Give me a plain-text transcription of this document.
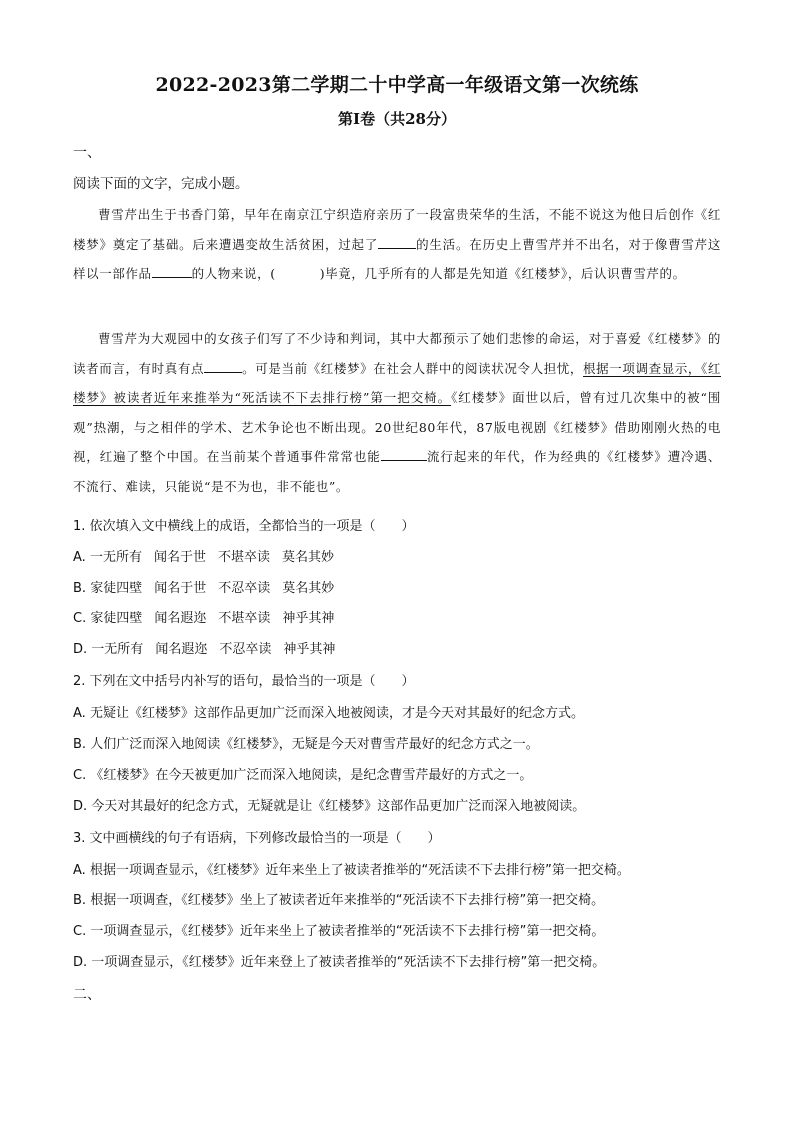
2022-2023第二学期二十中学高一年级语文第一次统练
第Ⅰ卷（共28分）
一、
阅读下面的文字，完成小题。
曹雪芹出生于书香门第，早年在南京江宁织造府亲历了一段富贵荣华的生活，不能不说这为他日后创作《红楼梦》奠定了基础。后来遭遇变故生活贫困，过起了	的生活。在历史上曹雪芹并不出名，对于像曹雪芹这样以一部作品	的人物来说，(	)毕竟，几乎所有的人都是先知道《红楼梦》，后认识曹雪芹的。
曹雪芹为大观园中的女孩子们写了不少诗和判词，其中大都预示了她们悲惨的命运，对于喜爱《红楼梦》的读者而言，有时真有点	。可是当前《红楼梦》在社会人群中的阅读状况令人担忧，根据一项调查显示，《红楼梦》被读者近年来推举为“死活读不下去排行榜”第一把交椅。《红楼梦》面世以后，曾有过几次集中的被“围观”热潮，与之相伴的学术、艺术争论也不断出现。20世纪80年代，87版电视剧《红楼梦》借助刚刚火热的电视，红遍了整个中国。在当前某个普通事件常常也能	流行起来的年代，作为经典的《红楼梦》遭冷遇、不流行、难读，只能说“是不为也，非不能也”。
1. 依次填入文中横线上的成语，全都恰当的一项是（　　）
A. 一无所有 闻名于世 不堪卒读 莫名其妙
B. 家徒四壁 闻名于世 不忍卒读 莫名其妙
C. 家徒四壁 闻名遐迩 不堪卒读 神乎其神
D. 一无所有 闻名遐迩 不忍卒读 神乎其神
2. 下列在文中括号内补写的语句，最恰当的一项是（　　）
A. 无疑让《红楼梦》这部作品更加广泛而深入地被阅读，才是今天对其最好的纪念方式。
B. 人们广泛而深入地阅读《红楼梦》，无疑是今天对曹雪芹最好的纪念方式之一。
C. 《红楼梦》在今天被更加广泛而深入地阅读，是纪念曹雪芹最好的方式之一。
D. 今天对其最好的纪念方式，无疑就是让《红楼梦》这部作品更加广泛而深入地被阅读。
3. 文中画横线的句子有语病，下列修改最恰当的一项是（　　）
A. 根据一项调查显示，《红楼梦》近年来坐上了被读者推举的“死活读不下去排行榜”第一把交椅。
B. 根据一项调查，《红楼梦》坐上了被读者近年来推举的“死活读不下去排行榜”第一把交椅。
C. 一项调查显示，《红楼梦》近年来坐上了被读者推举的“死活读不下去排行榜”第一把交椅。
D. 一项调查显示，《红楼梦》近年来登上了被读者推举的“死活读不下去排行榜”第一把交椅。
二、
